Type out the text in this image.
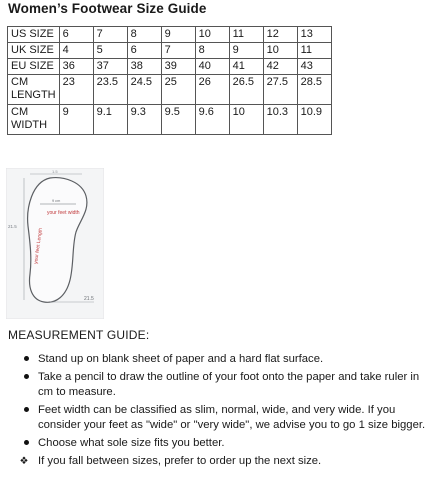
Women’s Footwear Size Guide
US SIZE	6	7	8	9	10	11	12	13
UK SIZE	4	5	6	7	8	9	10	11
EU SIZE	36	37	38	39	40	41	42	43
CM LENGTH	23	23.5	24.5	25	26	26.5	27.5	28.5
CM WIDTH	9	9.1	9.3	9.5	9.6	10	10.3	10.9
1.5
21.5
9 cm
your feet width
your feet Length
21.5
MEASUREMENT GUIDE:
Stand up on blank sheet of paper and a hard flat surface.
Take a pencil to draw the outline of your foot onto the paper and take ruler in cm to measure.
Feet width can be classified as slim, normal, wide, and very wide. If you consider your feet as "wide" or "very wide", we advise you to go 1 size bigger.
Choose what sole size fits you better.
❖ If you fall between sizes, prefer to order up the next size.
